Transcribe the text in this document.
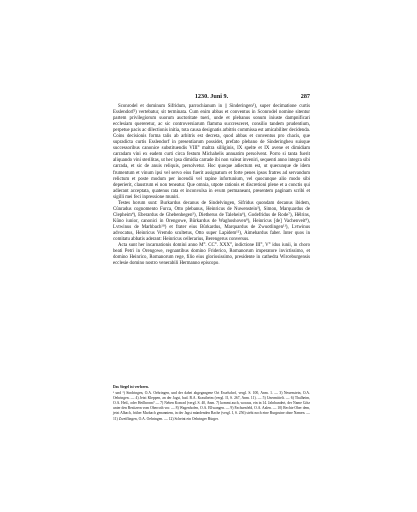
1230. Juni 9.	287

Sconrodel et dominum Sifridum, parrochianum in || Sinderingen¹), super decimatione curtis Esslendorf²) vertebatur, sit terminata. Cum enim abbas et conventus in Sconrodel nomine sitentur partem privilegiorum suorum auctoritate tueri, unde et plebanus sonum iniuste dampnificari ecclesiam quereretur, ac sic controversiarum flamma succresceret, consilio tandem prudentium, perpetue pacis ac dilectionis initia, tota causa designatis arbitris commissa est amicabiliter decidenda. Coins decisionis forma talis ab arbitris est decreta, quod abbas et conventus pro chacis, que supradicta curtis Esslendorf in presentiarum possidet, prefato plebano de Sinderingheu suisque successoribus canonice substituendis VIII° maltra silliginis, IX spelte et IX avene et dimidiam carradam vini ex eadem curti circa festum Michahelis annuatim persolvent. Porro si tanta fuerit aliquando vini sterilitas, ut hec ipsa dimidia carrade ibi non valeat inveniri, sequenti anno integra sibi carrada, et sic de anuis reliquis, persolvetur. Hoc quoque adiectum est, ut quecunque de idem frumentum et vinum ipsi vel servo eius fuerit assignatum et forte penes ipsos fratres ad servandum relictum et poste modum per incendii vel rapine infortunium, vel quocunque alio modo sibi deperierit, claustrum ei non teneatur. Que omnia, utpote rationis et discretioni plene et a conctis qui adierant acceptata, quatenus rata et inconvulsa in evum permaneant, presentem paginam scribi et sigilli mei feci inpressione muniri.

Testes horum sunt: Burkardus decanus de Sindelvingen, Sifridus quondam decanus ibidem, Cûnradus cognomento Furca, Otto plebanus, Heinricus de Nuwenstein³), Simon, Marquardus de Clepheim⁴), Eberardus de Ghebenhegen⁵), Dietherus de Talehein⁶), Godefridus de Rode⁷), Hêlrins, Kûno iunior, canonici in Orengowe, Bûrkardus de Waghoshoven⁸), Heinricus [de] Vachenveit⁹), Lvtwinus de Marhbach¹⁰) et frater eius Bûrkardus, Marquardus de Zwuotlingen¹¹), Lvtwinus advocatus, Heinricus Vremdo scultetus, Otto super Lapidem¹²), Aimehardus faber. Inter quos in comitatu abbatis aderant: Heinricus cellerarius, Berengerus conversus.

Acta sunt her incarnationis domini anno M°. CC°. XXX°, indictione III°, V° idus iunii, in choro beati Petri in Orengowe, regnantibus domino Friderico, Romanorum imperatore invictissimo, et domino Heinrico, Romanorum rege, filio eius gloriosissimo, presidente in cathedra Wirceburgensis ecclesie domino nostro venerabili Hermanno episcopo.

Das Siegel ist verloren.

¹ und ²) Sindringen, O.A. Oehringen, und der dabei abgegangene Ort Esselsdorf, vergl. S. 100, Anm. 1. — 3) Neuenstein, O.A. Oehringen. — 4) Jetzt Kleppen, an der Jagst, bad. B.A. Krautheim (vergl. II, S. 267, Anm. 11). — 5) Unermittelt. — 6) Thalheim, O.A. Heil., oder Heilbronn? — 7) Neben Konrad (vergl. S. 40, Anm. 7) kommt auch, woraus, ein in 14. Jahrhundert, der Name Götz unter den Bestizern vom Oberroth vor. — 8) Wagenhofen, O.A. Ellwangen. — 9) Fachsenfeld, O.A. Aalen. — 10) Rechte Ober dem, jetzt Albach, früher Marbach genanntem, in der Jagst mündenden Bache (vergl. I, S. 256) steht noch eine Burgruine ohne Namen. — 11) Zweiflingen, O.A. Oehringen. — 12) Scheint ein Oehringer Bürger.
